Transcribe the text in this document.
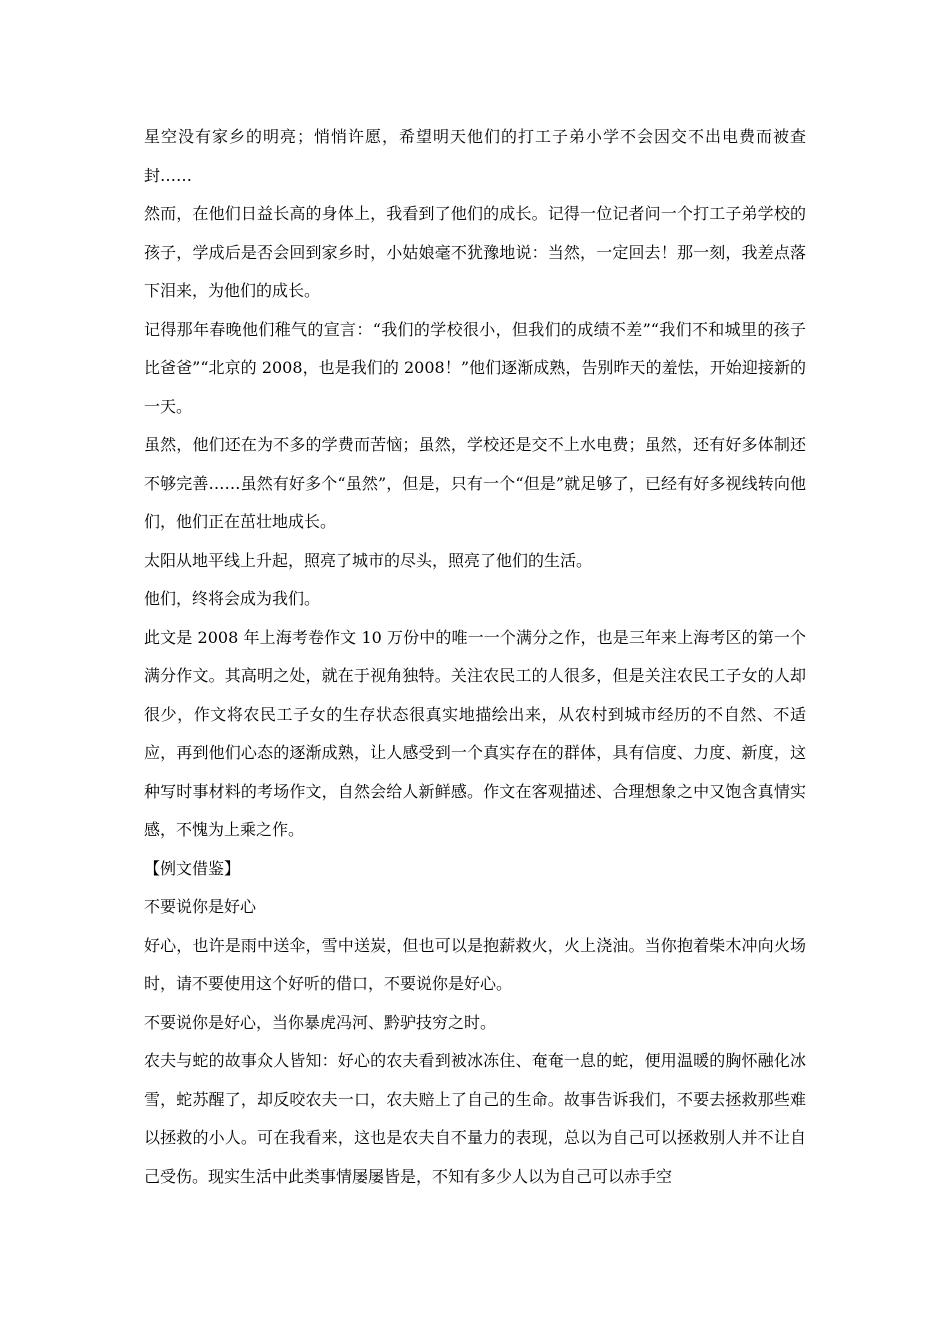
星空没有家乡的明亮；悄悄许愿，希望明天他们的打工子弟小学不会因交不出电费而被查封……

然而，在他们日益长高的身体上，我看到了他们的成长。记得一位记者问一个打工子弟学校的孩子，学成后是否会回到家乡时，小姑娘毫不犹豫地说：当然，一定回去！那一刻，我差点落下泪来，为他们的成长。

记得那年春晚他们稚气的宣言：“我们的学校很小，但我们的成绩不差”“我们不和城里的孩子比爸爸”“北京的 2008，也是我们的 2008！”他们逐渐成熟，告别昨天的羞怯，开始迎接新的一天。

虽然，他们还在为不多的学费而苦恼；虽然，学校还是交不上水电费；虽然，还有好多体制还不够完善……虽然有好多个“虽然”，但是，只有一个“但是”就足够了，已经有好多视线转向他们，他们正在茁壮地成长。

太阳从地平线上升起，照亮了城市的尽头，照亮了他们的生活。

他们，终将会成为我们。

此文是 2008 年上海考卷作文 10 万份中的唯一一个满分之作，也是三年来上海考区的第一个满分作文。其高明之处，就在于视角独特。关注农民工的人很多，但是关注农民工子女的人却很少，作文将农民工子女的生存状态很真实地描绘出来，从农村到城市经历的不自然、不适应，再到他们心态的逐渐成熟，让人感受到一个真实存在的群体，具有信度、力度、新度，这种写时事材料的考场作文，自然会给人新鲜感。作文在客观描述、合理想象之中又饱含真情实感，不愧为上乘之作。

【例文借鉴】

不要说你是好心

好心，也许是雨中送伞，雪中送炭，但也可以是抱薪救火，火上浇油。当你抱着柴木冲向火场时，请不要使用这个好听的借口，不要说你是好心。

不要说你是好心，当你暴虎冯河、黔驴技穷之时。

农夫与蛇的故事众人皆知：好心的农夫看到被冰冻住、奄奄一息的蛇，便用温暖的胸怀融化冰雪，蛇苏醒了，却反咬农夫一口，农夫赔上了自己的生命。故事告诉我们，不要去拯救那些难以拯救的小人。可在我看来，这也是农夫自不量力的表现，总以为自己可以拯救别人并不让自己受伤。现实生活中此类事情屡屡皆是，不知有多少人以为自己可以赤手空
